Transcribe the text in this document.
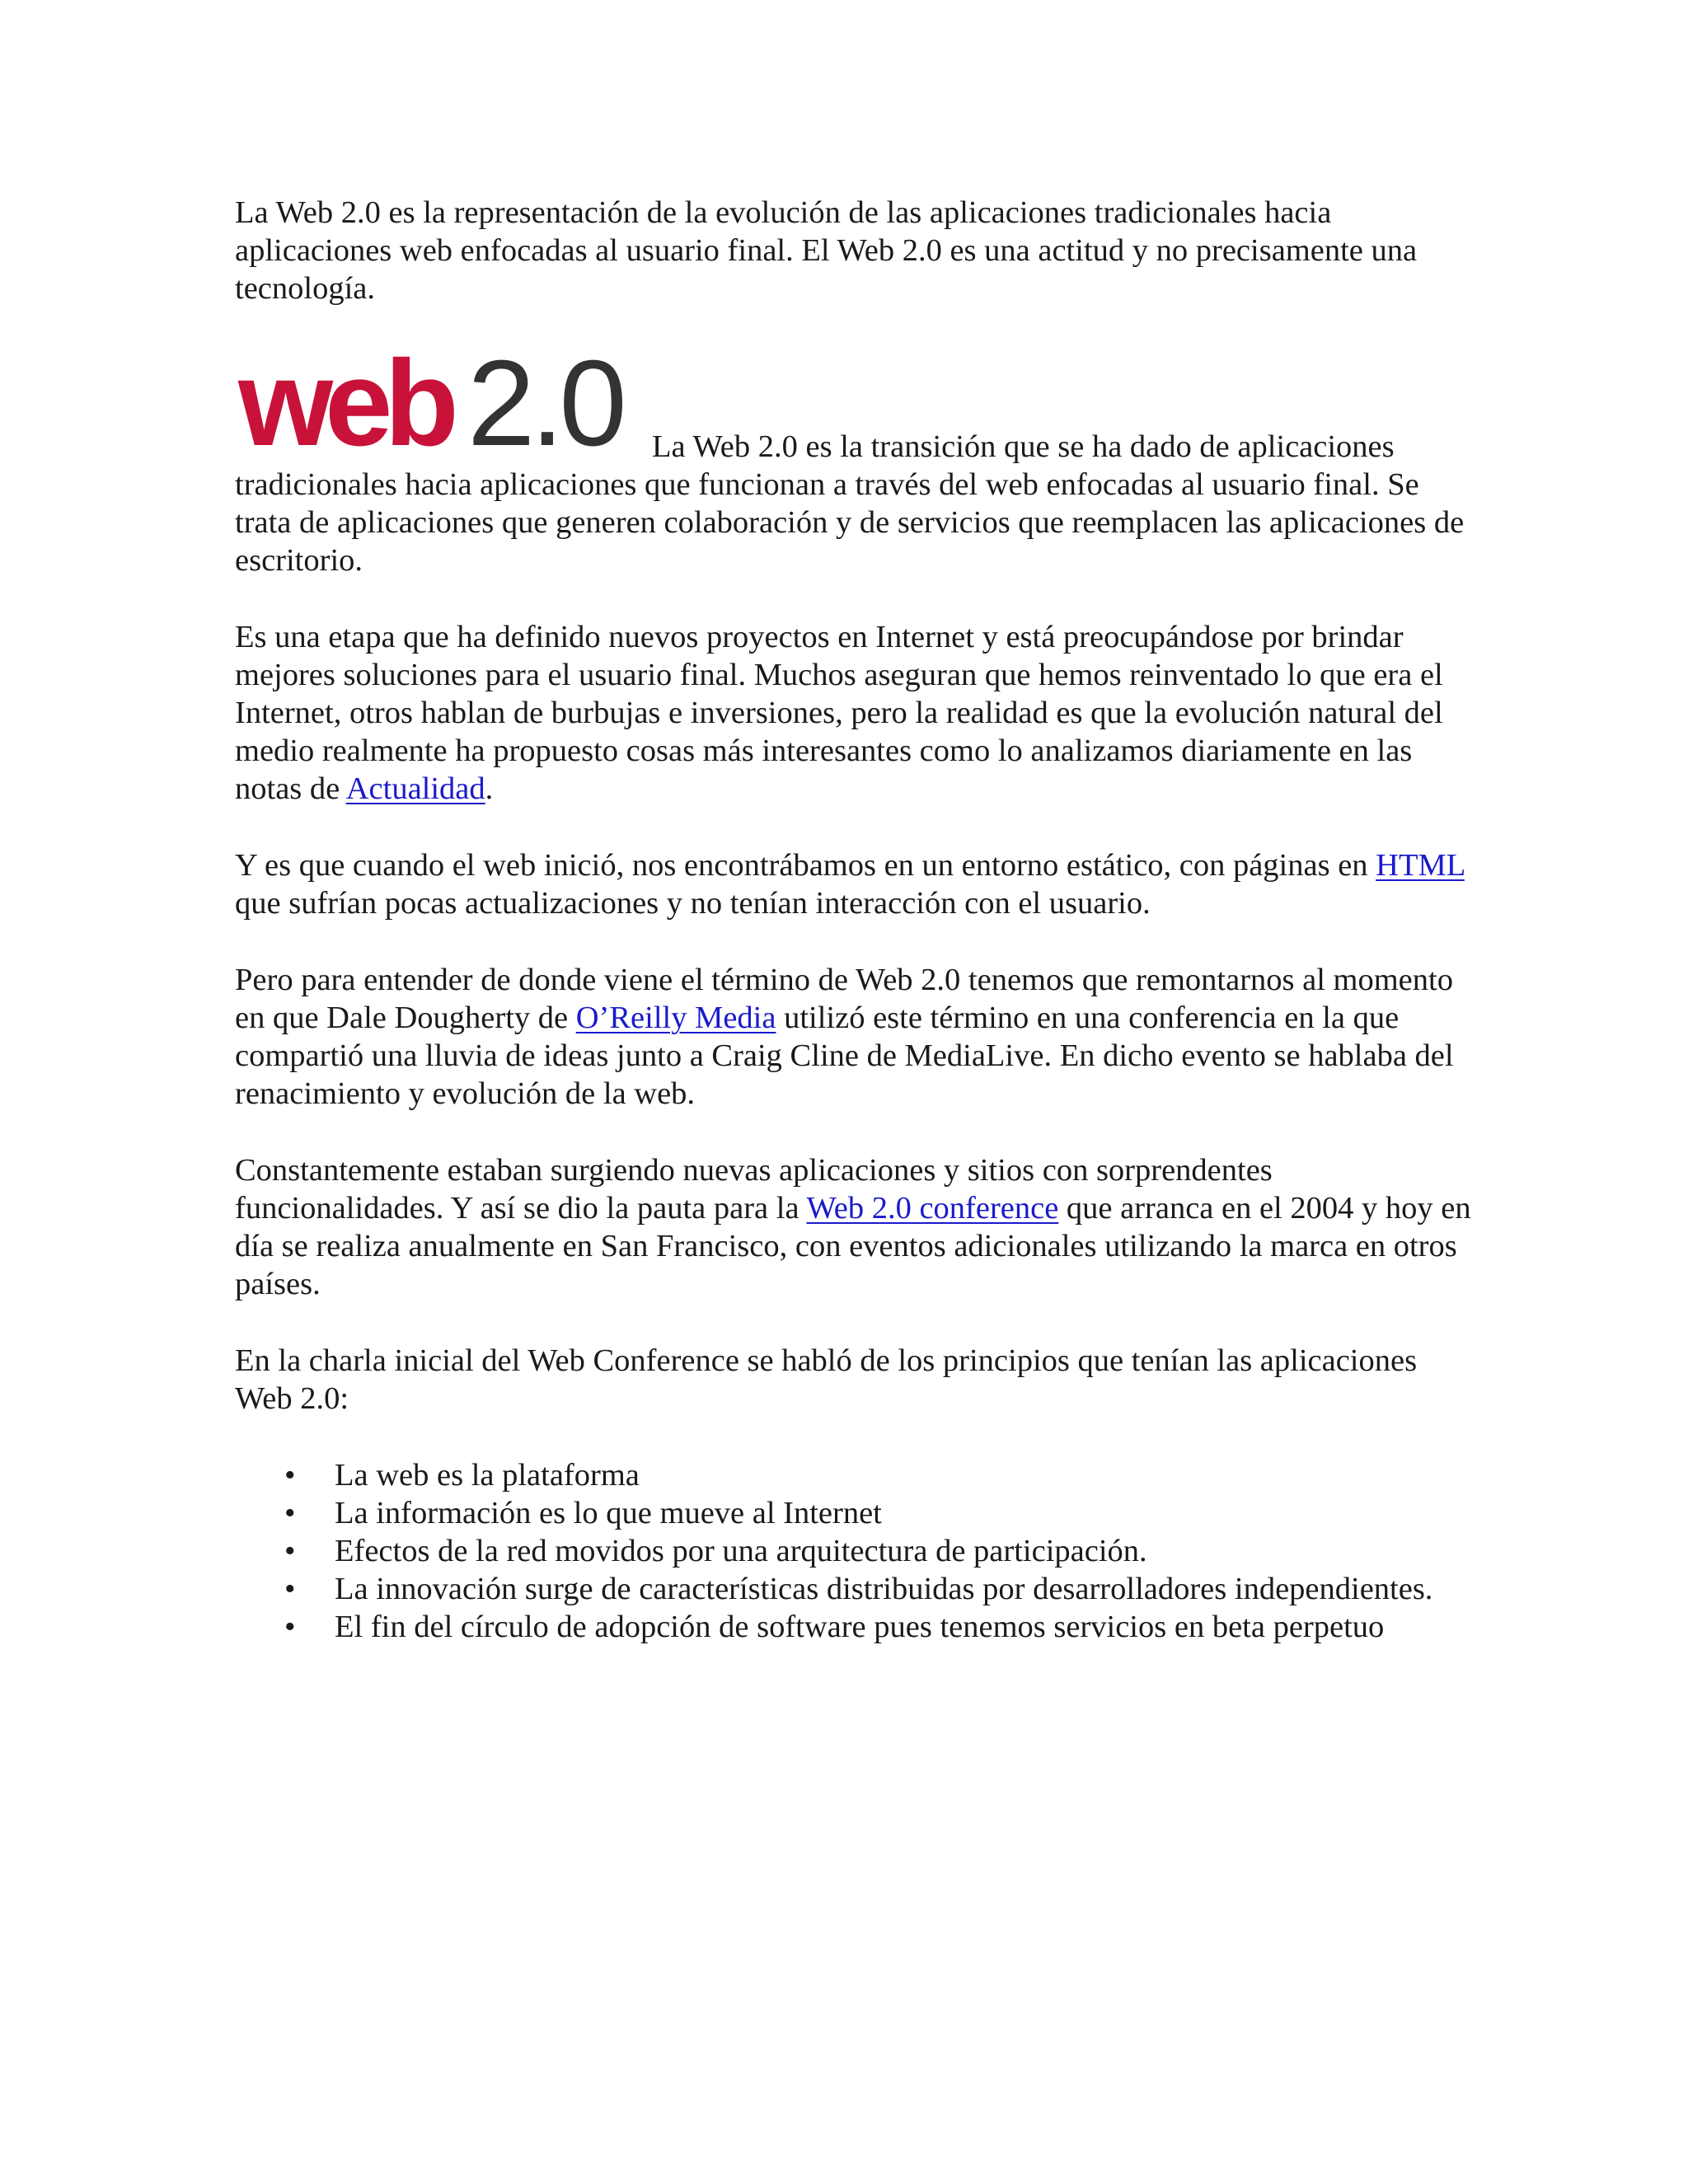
La Web 2.0 es la representación de la evolución de las aplicaciones tradicionales hacia aplicaciones web enfocadas al usuario final. El Web 2.0 es una actitud y no precisamente una tecnología.

web 2.0 La Web 2.0 es la transición que se ha dado de aplicaciones tradicionales hacia aplicaciones que funcionan a través del web enfocadas al usuario final. Se trata de aplicaciones que generen colaboración y de servicios que reemplacen las aplicaciones de escritorio.

Es una etapa que ha definido nuevos proyectos en Internet y está preocupándose por brindar mejores soluciones para el usuario final. Muchos aseguran que hemos reinventado lo que era el Internet, otros hablan de burbujas e inversiones, pero la realidad es que la evolución natural del medio realmente ha propuesto cosas más interesantes como lo analizamos diariamente en las notas de Actualidad.

Y es que cuando el web inició, nos encontrábamos en un entorno estático, con páginas en HTML que sufrían pocas actualizaciones y no tenían interacción con el usuario.

Pero para entender de donde viene el término de Web 2.0 tenemos que remontarnos al momento en que Dale Dougherty de O’Reilly Media utilizó este término en una conferencia en la que compartió una lluvia de ideas junto a Craig Cline de MediaLive. En dicho evento se hablaba del renacimiento y evolución de la web.

Constantemente estaban surgiendo nuevas aplicaciones y sitios con sorprendentes funcionalidades. Y así se dio la pauta para la Web 2.0 conference que arranca en el 2004 y hoy en día se realiza anualmente en San Francisco, con eventos adicionales utilizando la marca en otros países.

En la charla inicial del Web Conference se habló de los principios que tenían las aplicaciones Web 2.0:

• La web es la plataforma
• La información es lo que mueve al Internet
• Efectos de la red movidos por una arquitectura de participación.
• La innovación surge de características distribuidas por desarrolladores independientes.
• El fin del círculo de adopción de software pues tenemos servicios en beta perpetuo
